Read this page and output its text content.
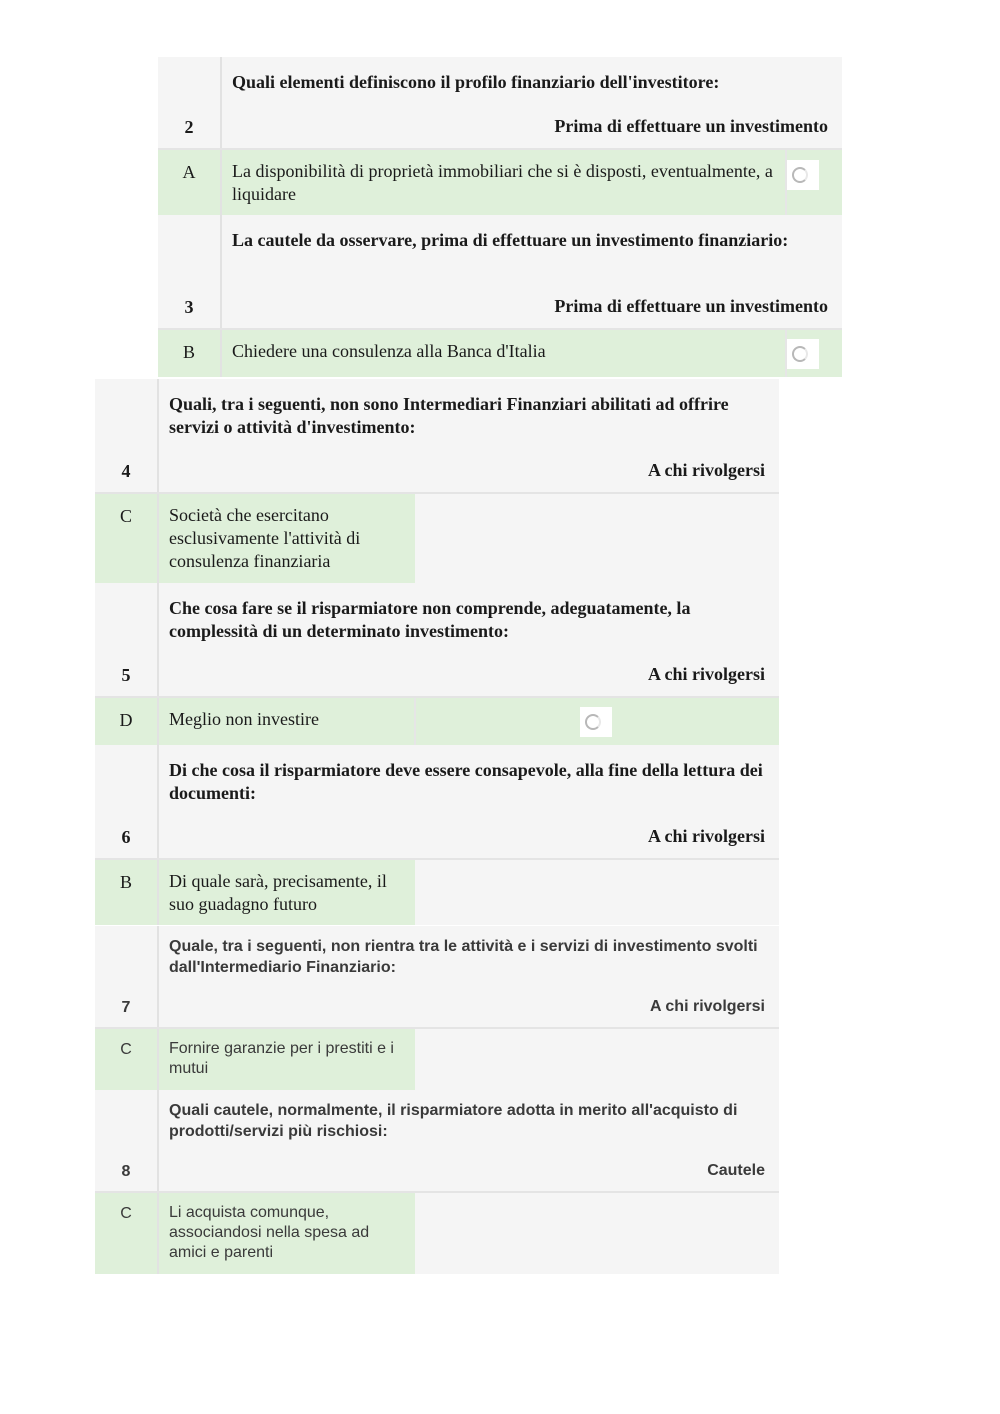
2	Quali elementi definiscono il profilo finanziario dell'investitore:
Prima di effettuare un investimento	

A	La disponibilità di proprietà immobiliari che si è disposti, eventualmente, a liquidare	

3	La cautele da osservare, prima di effettuare un investimento finanziario:
Prima di effettuare un investimento	

B	Chiedere una consulenza alla Banca d'Italia	
4	Quali, tra i seguenti, non sono Intermediari Finanziari abilitati ad offrire servizi o attività d'investimento:
A chi rivolgersi	

C	Società che esercitano esclusivamente l'attività di consulenza finanziaria	

5	Che cosa fare se il risparmiatore non comprende, adeguatamente, la complessità di un determinato investimento:
A chi rivolgersi	

D	Meglio non investire	

6	Di che cosa il risparmiatore deve essere consapevole, alla fine della lettura dei documenti:
A chi rivolgersi	

B	Di quale sarà, precisamente, il suo guadagno futuro	
7	Quale, tra i seguenti, non rientra tra le attività e i servizi di investimento svolti dall'Intermediario Finanziario:
A chi rivolgersi	

C	Fornire garanzie per i prestiti e i mutui	

8	Quali cautele, normalmente, il risparmiatore adotta in merito all'acquisto di prodotti/servizi più rischiosi:
Cautele	

C	Li acquista comunque, associandosi nella spesa ad amici e parenti	
